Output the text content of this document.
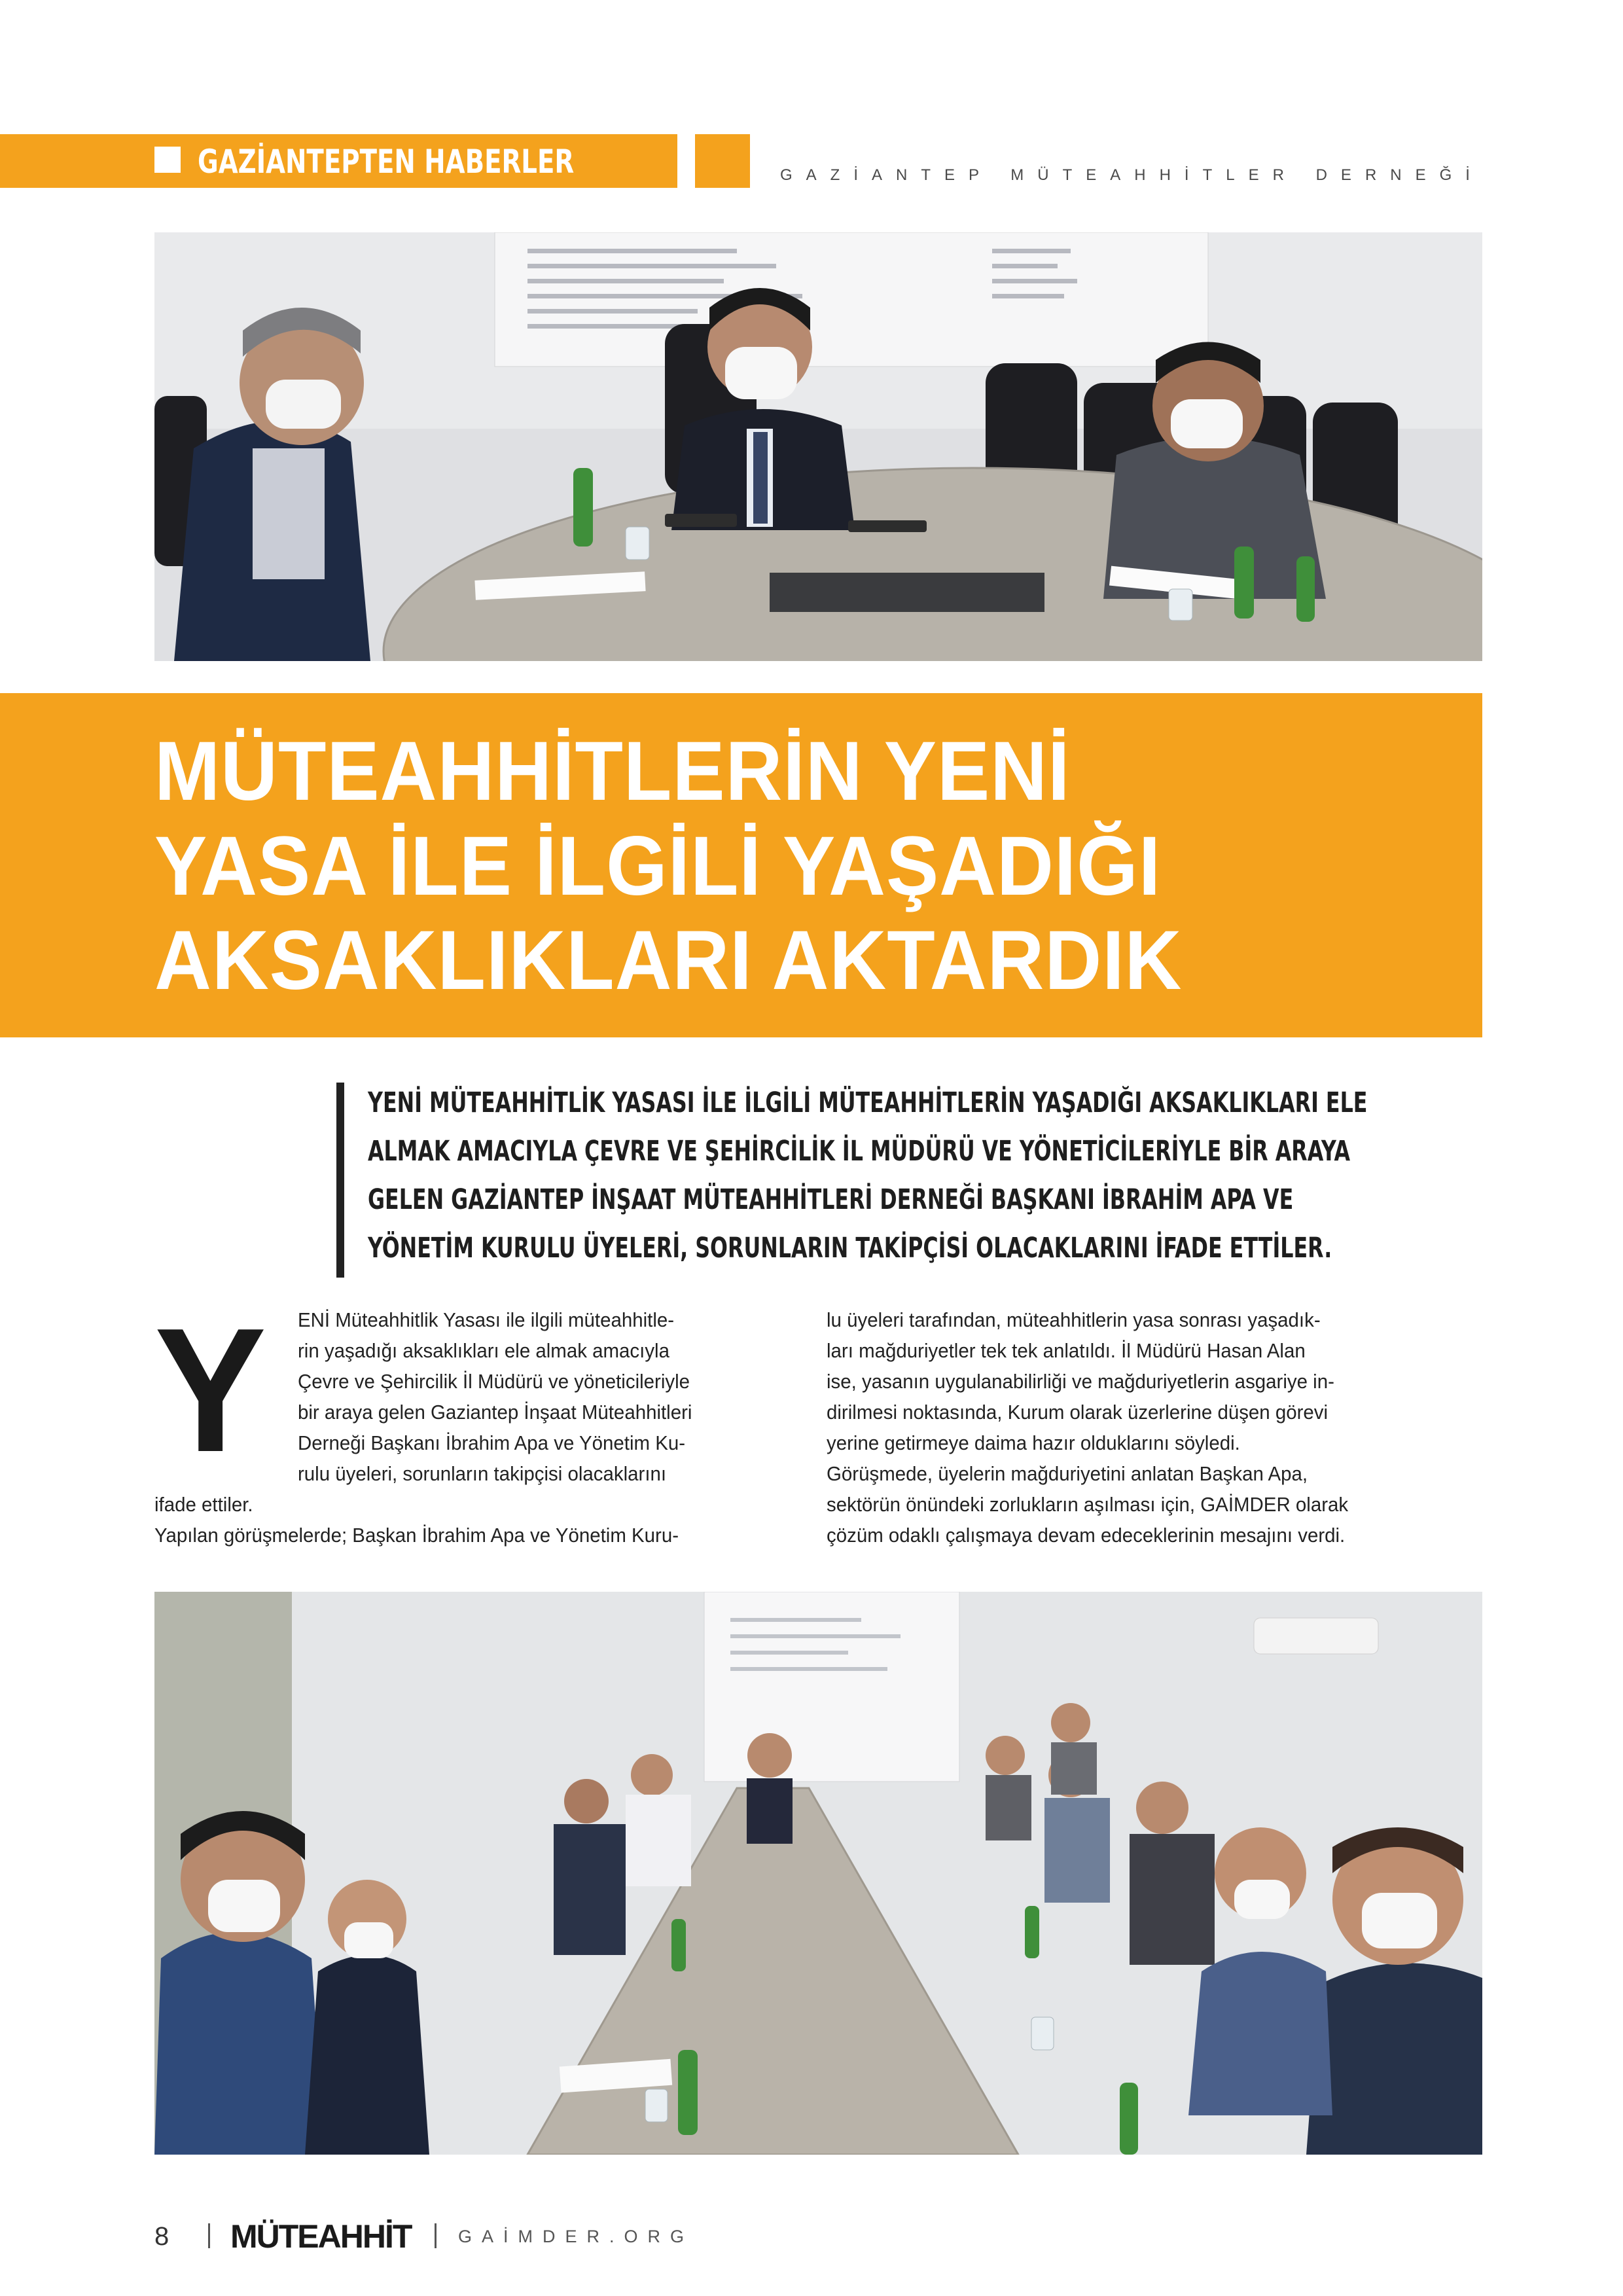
GAZİANTEPTEN HABERLER	GAZİANTEP MÜTEAHHİTLER DERNEĞİ
MÜTEAHHİTLERİN YENİ
YASA İLE İLGİLİ YAŞADIĞI
AKSAKLIKLARI AKTARDIK
YENİ MÜTEAHHİTLİK YASASI İLE İLGİLİ MÜTEAHHİTLERİN YAŞADIĞI AKSAKLIKLARI ELE
ALMAK AMACIYLA ÇEVRE VE ŞEHİRCİLİK İL MÜDÜRÜ VE YÖNETİCİLERİYLE BİR ARAYA
GELEN GAZİANTEP İNŞAAT MÜTEAHHİTLERİ DERNEĞİ BAŞKANI İBRAHİM APA VE
YÖNETİM KURULU ÜYELERİ, SORUNLARIN TAKİPÇİSİ OLACAKLARINI İFADE ETTİLER.
Y ENİ Müteahhitlik Yasası ile ilgili müteahhitle-
rin yaşadığı aksaklıkları ele almak amacıyla
Çevre ve Şehircilik İl Müdürü ve yöneticileriyle
bir araya gelen Gaziantep İnşaat Müteahhitleri
Derneği Başkanı İbrahim Apa ve Yönetim Ku-
rulu üyeleri, sorunların takipçisi olacaklarını
ifade ettiler.
Yapılan görüşmelerde; Başkan İbrahim Apa ve Yönetim Kuru-
lu üyeleri tarafından, müteahhitlerin yasa sonrası yaşadık-
ları mağduriyetler tek tek anlatıldı. İl Müdürü Hasan Alan
ise, yasanın uygulanabilirliği ve mağduriyetlerin asgariye in-
dirilmesi noktasında, Kurum olarak üzerlerine düşen görevi
yerine getirmeye daima hazır olduklarını söyledi.
Görüşmede, üyelerin mağduriyetini anlatan Başkan Apa,
sektörün önündeki zorlukların aşılması için, GAİMDER olarak
çözüm odaklı çalışmaya devam edeceklerinin mesajını verdi.
8 MÜTEAHHİT	GAİMDER.ORG
